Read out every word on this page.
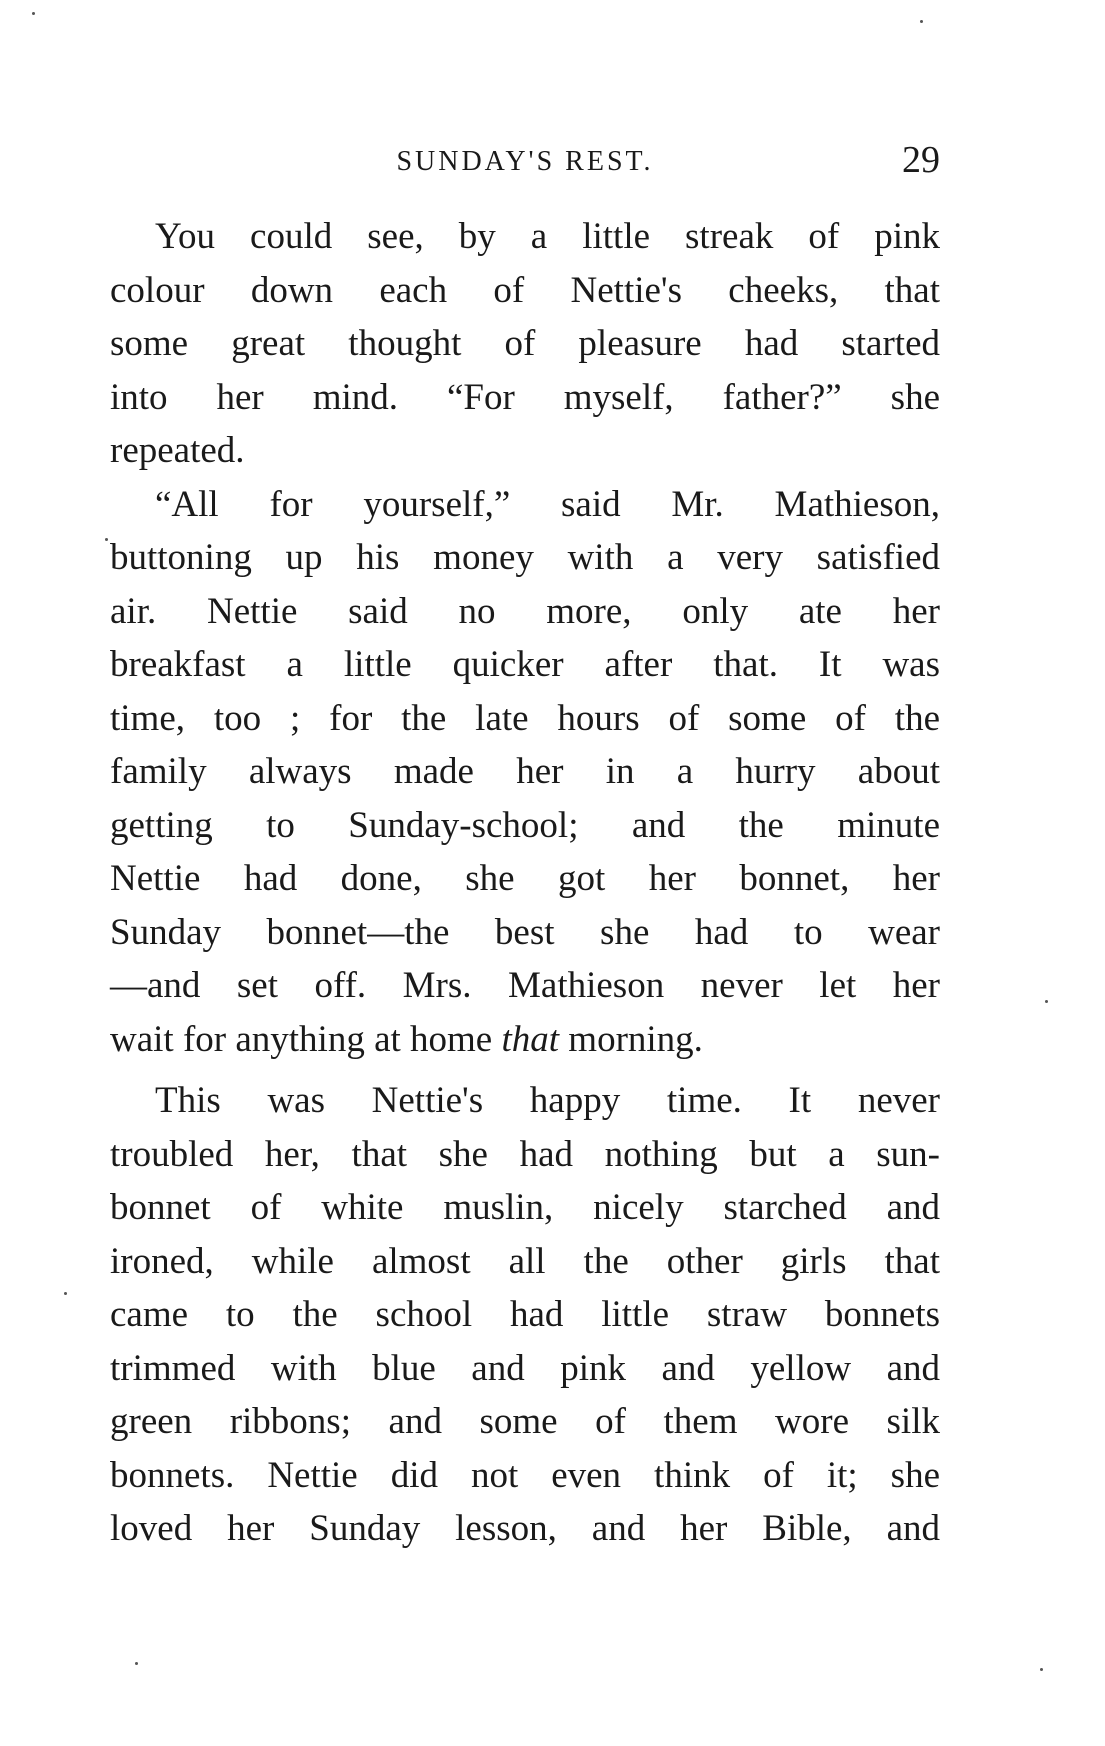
SUNDAY'S REST.	29
You could see, by a little streak of pink
colour down each of Nettie's cheeks, that
some great thought of pleasure had started
into her mind. “For myself, father?” she
repeated.
“All for yourself,” said Mr. Mathieson,
buttoning up his money with a very satisfied
air. Nettie said no more, only ate her
breakfast a little quicker after that. It was
time, too ; for the late hours of some of the
family always made her in a hurry about
getting to Sunday-school; and the minute
Nettie had done, she got her bonnet, her
Sunday bonnet—the best she had to wear
—and set off. Mrs. Mathieson never let her
wait for anything at home that morning.
This was Nettie's happy time. It never
troubled her, that she had nothing but a sun-
bonnet of white muslin, nicely starched and
ironed, while almost all the other girls that
came to the school had little straw bonnets
trimmed with blue and pink and yellow and
green ribbons; and some of them wore silk
bonnets. Nettie did not even think of it; she
loved her Sunday lesson, and her Bible, and
